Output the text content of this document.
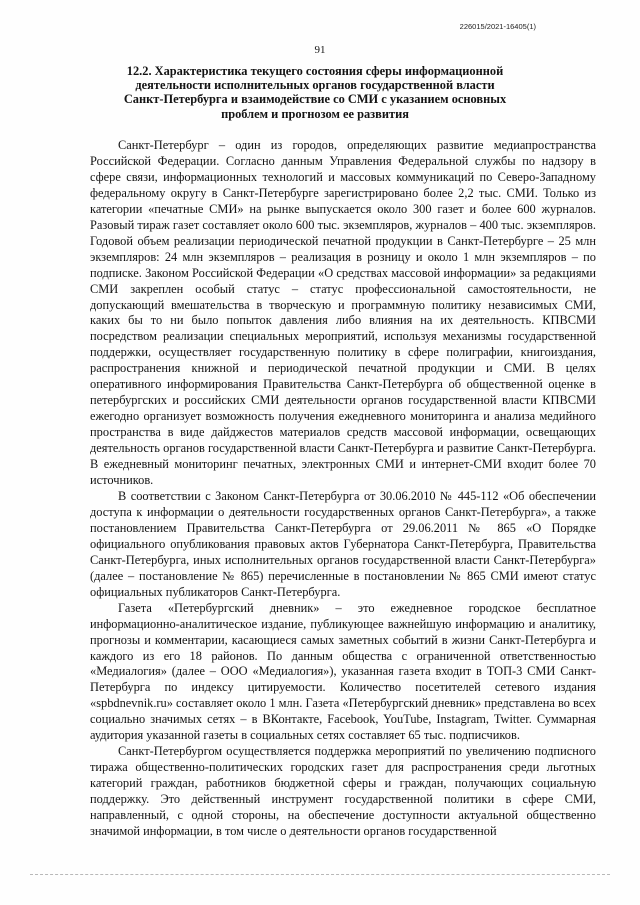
226015/2021-16405(1)
91
12.2. Характеристика текущего состояния сферы информационной деятельности исполнительных органов государственной власти Санкт-Петербурга и взаимодействие со СМИ с указанием основных проблем и прогнозом ее развития

Санкт-Петербург – один из городов, определяющих развитие медиапространства Российской Федерации. Согласно данным Управления Федеральной службы по надзору в сфере связи, информационных технологий и массовых коммуникаций по Северо-Западному федеральному округу в Санкт-Петербурге зарегистрировано более 2,2 тыс. СМИ. Только из категории «печатные СМИ» на рынке выпускается около 300 газет и более 600 журналов. Разовый тираж газет составляет около 600 тыс. экземпляров, журналов – 400 тыс. экземпляров. Годовой объем реализации периодической печатной продукции в Санкт-Петербурге – 25 млн экземпляров: 24 млн экземпляров – реализация в розницу и около 1 млн экземпляров – по подписке. Законом Российской Федерации «О средствах массовой информации» за редакциями СМИ закреплен особый статус – статус профессиональной самостоятельности, не допускающий вмешательства в творческую и программную политику независимых СМИ, каких бы то ни было попыток давления либо влияния на их деятельность. КПВСМИ посредством реализации специальных мероприятий, используя механизмы государственной поддержки, осуществляет государственную политику в сфере полиграфии, книгоиздания, распространения книжной и периодической печатной продукции и СМИ. В целях оперативного информирования Правительства Санкт-Петербурга об общественной оценке в петербургских и российских СМИ деятельности органов государственной власти КПВСМИ ежегодно организует возможность получения ежедневного мониторинга и анализа медийного пространства в виде дайджестов материалов средств массовой информации, освещающих деятельность органов государственной власти Санкт-Петербурга и развитие Санкт-Петербурга. В ежедневный мониторинг печатных, электронных СМИ и интернет-СМИ входит более 70 источников.

В соответствии с Законом Санкт-Петербурга от 30.06.2010 № 445-112 «Об обеспечении доступа к информации о деятельности государственных органов Санкт-Петербурга», а также постановлением Правительства Санкт-Петербурга от 29.06.2011 № 865 «О Порядке официального опубликования правовых актов Губернатора Санкт-Петербурга, Правительства Санкт-Петербурга, иных исполнительных органов государственной власти Санкт-Петербурга» (далее – постановление № 865) перечисленные в постановлении № 865 СМИ имеют статус официальных публикаторов Санкт-Петербурга.

Газета «Петербургский дневник» – это ежедневное городское бесплатное информационно-аналитическое издание, публикующее важнейшую информацию и аналитику, прогнозы и комментарии, касающиеся самых заметных событий в жизни Санкт-Петербурга и каждого из его 18 районов. По данным общества с ограниченной ответственностью «Медиалогия» (далее – ООО «Медиалогия»), указанная газета входит в ТОП-3 СМИ Санкт-Петербурга по индексу цитируемости. Количество посетителей сетевого издания «spbdnevnik.ru» составляет около 1 млн. Газета «Петербургский дневник» представлена во всех социально значимых сетях – в ВКонтакте, Facebook, YouTube, Instagram, Twitter. Суммарная аудитория указанной газеты в социальных сетях составляет 65 тыс. подписчиков.

Санкт-Петербургом осуществляется поддержка мероприятий по увеличению подписного тиража общественно-политических городских газет для распространения среди льготных категорий граждан, работников бюджетной сферы и граждан, получающих социальную поддержку. Это действенный инструмент государственной политики в сфере СМИ, направленный, с одной стороны, на обеспечение доступности актуальной общественно значимой информации, в том числе о деятельности органов государственной
